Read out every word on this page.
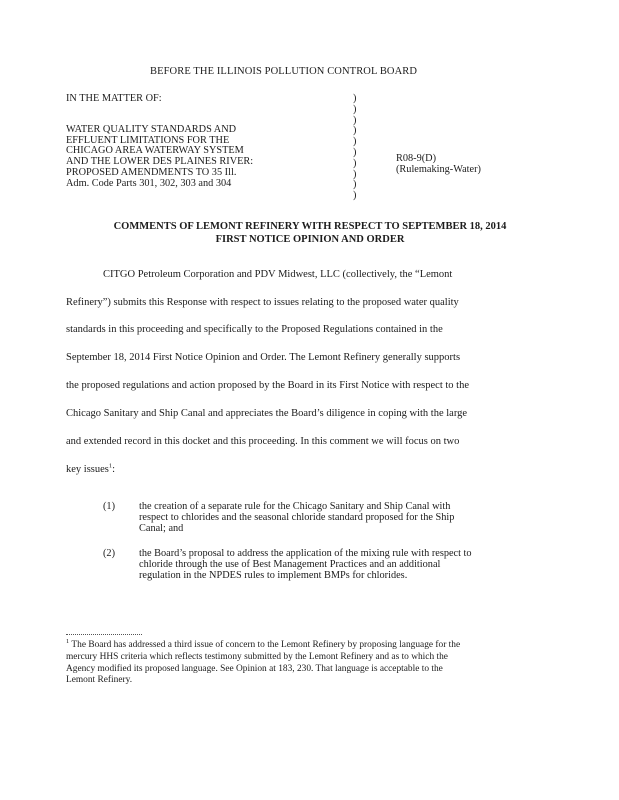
BEFORE THE ILLINOIS POLLUTION CONTROL BOARD
IN THE MATTER OF:
WATER QUALITY STANDARDS AND
EFFLUENT LIMITATIONS FOR THE
CHICAGO AREA WATERWAY SYSTEM
AND THE LOWER DES PLAINES RIVER:
PROPOSED AMENDMENTS TO 35 Ill.
Adm. Code Parts 301, 302, 303 and 304
)
)
)
)
)
)
)
)
)
)
R08-9(D)
(Rulemaking-Water)
COMMENTS OF LEMONT REFINERY WITH RESPECT TO SEPTEMBER 18, 2014
FIRST NOTICE OPINION AND ORDER
CITGO Petroleum Corporation and PDV Midwest, LLC (collectively, the “Lemont
Refinery”) submits this Response with respect to issues relating to the proposed water quality
standards in this proceeding and specifically to the Proposed Regulations contained in the
September 18, 2014 First Notice Opinion and Order. The Lemont Refinery generally supports
the proposed regulations and action proposed by the Board in its First Notice with respect to the
Chicago Sanitary and Ship Canal and appreciates the Board’s diligence in coping with the large
and extended record in this docket and this proceeding. In this comment we will focus on two
key issues$^1$:
(1) the creation of a separate rule for the Chicago Sanitary and Ship Canal with
respect to chlorides and the seasonal chloride standard proposed for the Ship
Canal; and
(2) the Board’s proposal to address the application of the mixing rule with respect to
chloride through the use of Best Management Practices and an additional
regulation in the NPDES rules to implement BMPs for chlorides.
$^1$ The Board has addressed a third issue of concern to the Lemont Refinery by proposing language for the
mercury HHS criteria which reflects testimony submitted by the Lemont Refinery and as to which the
Agency modified its proposed language. See Opinion at 183, 230. That language is acceptable to the
Lemont Refinery.
